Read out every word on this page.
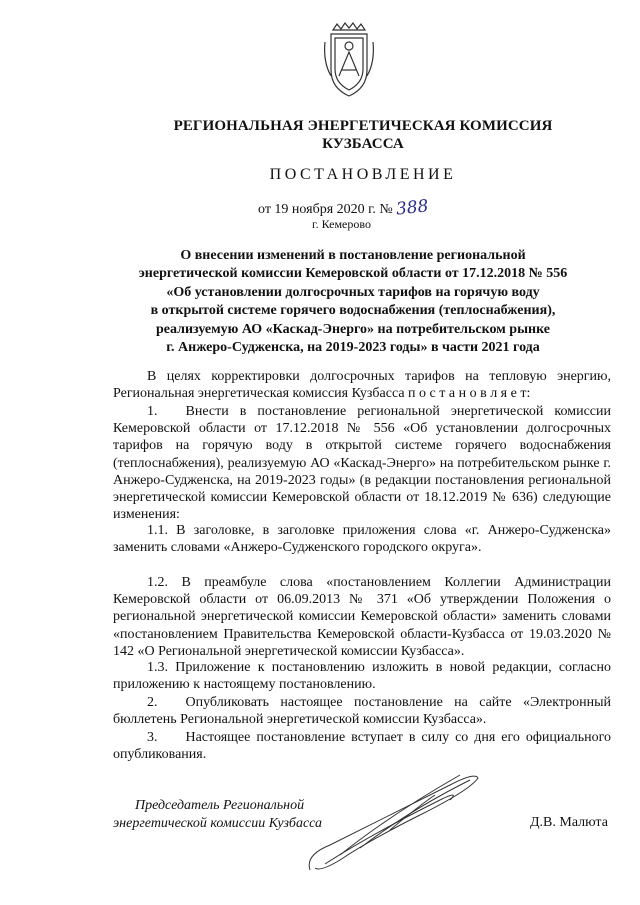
РЕГИОНАЛЬНАЯ ЭНЕРГЕТИЧЕСКАЯ КОМИССИЯ
КУЗБАССА
ПОСТАНОВЛЕНИЕ
от 19 ноября 2020 г. № 388
г. Кемерово
О внесении изменений в постановление региональной
энергетической комиссии Кемеровской области от 17.12.2018 № 556
«Об установлении долгосрочных тарифов на горячую воду
в открытой системе горячего водоснабжения (теплоснабжения),
реализуемую АО «Каскад-Энерго» на потребительском рынке
г. Анжеро-Судженска, на 2019-2023 годы» в части 2021 года
В целях корректировки долгосрочных тарифов на тепловую энергию, Региональная энергетическая комиссия Кузбасса п о с т а н о в л я е т:
1.  Внести в постановление региональной энергетической комиссии Кемеровской области от 17.12.2018 № 556 «Об установлении долгосрочных тарифов на горячую воду в открытой системе горячего водоснабжения (теплоснабжения), реализуемую АО «Каскад-Энерго» на потребительском рынке г. Анжеро-Судженска, на 2019-2023 годы» (в редакции постановления региональной энергетической комиссии Кемеровской области от 18.12.2019 № 636) следующие изменения:
1.1. В заголовке, в заголовке приложения слова «г. Анжеро-Судженска» заменить словами «Анжеро-Судженского городского округа».
1.2. В преамбуле слова «постановлением Коллегии Администрации Кемеровской области от 06.09.2013 № 371 «Об утверждении Положения о региональной энергетической комиссии Кемеровской области» заменить словами «постановлением Правительства Кемеровской области-Кузбасса от 19.03.2020 № 142 «О Региональной энергетической комиссии Кузбасса».
1.3. Приложение к постановлению изложить в новой редакции, согласно приложению к настоящему постановлению.
2.  Опубликовать настоящее постановление на сайте «Электронный бюллетень Региональной энергетической комиссии Кузбасса».
3.  Настоящее постановление вступает в силу со дня его официального опубликования.
Председатель Региональной
энергетической комиссии Кузбасса	Д.В. Малюта
